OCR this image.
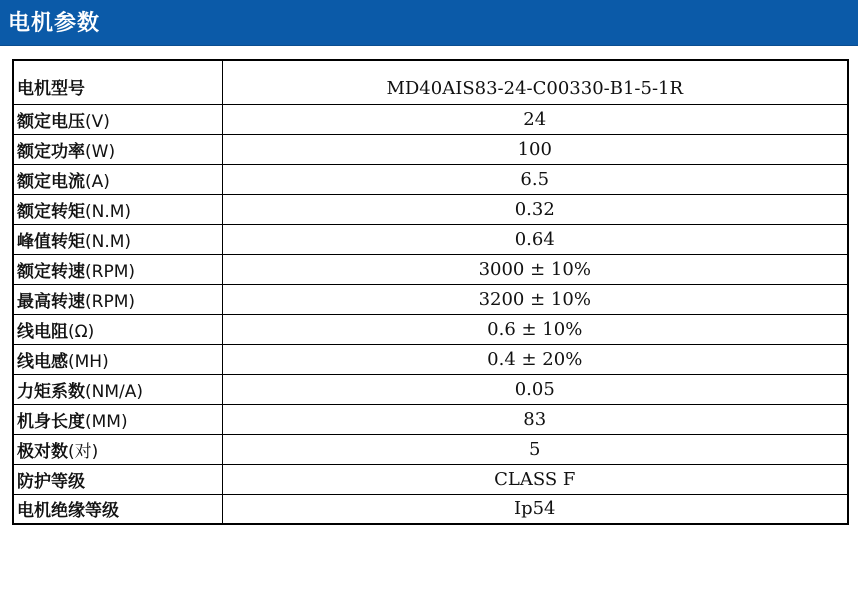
电机参数
电机型号	MD40AIS83-24-C00330-B1-5-1R
额定电压(V)	24
额定功率(W)	100
额定电流(A)	6.5
额定转矩(N.M)	0.32
峰值转矩(N.M)	0.64
额定转速(RPM)	3000 ± 10%
最高转速(RPM)	3200 ± 10%
线电阻(Ω)	0.6 ± 10%
线电感(MH)	0.4 ± 20%
力矩系数(NM/A)	0.05
机身长度(MM)	83
极对数(对)	5
防护等级	CLASS F
电机绝缘等级	Ip54
